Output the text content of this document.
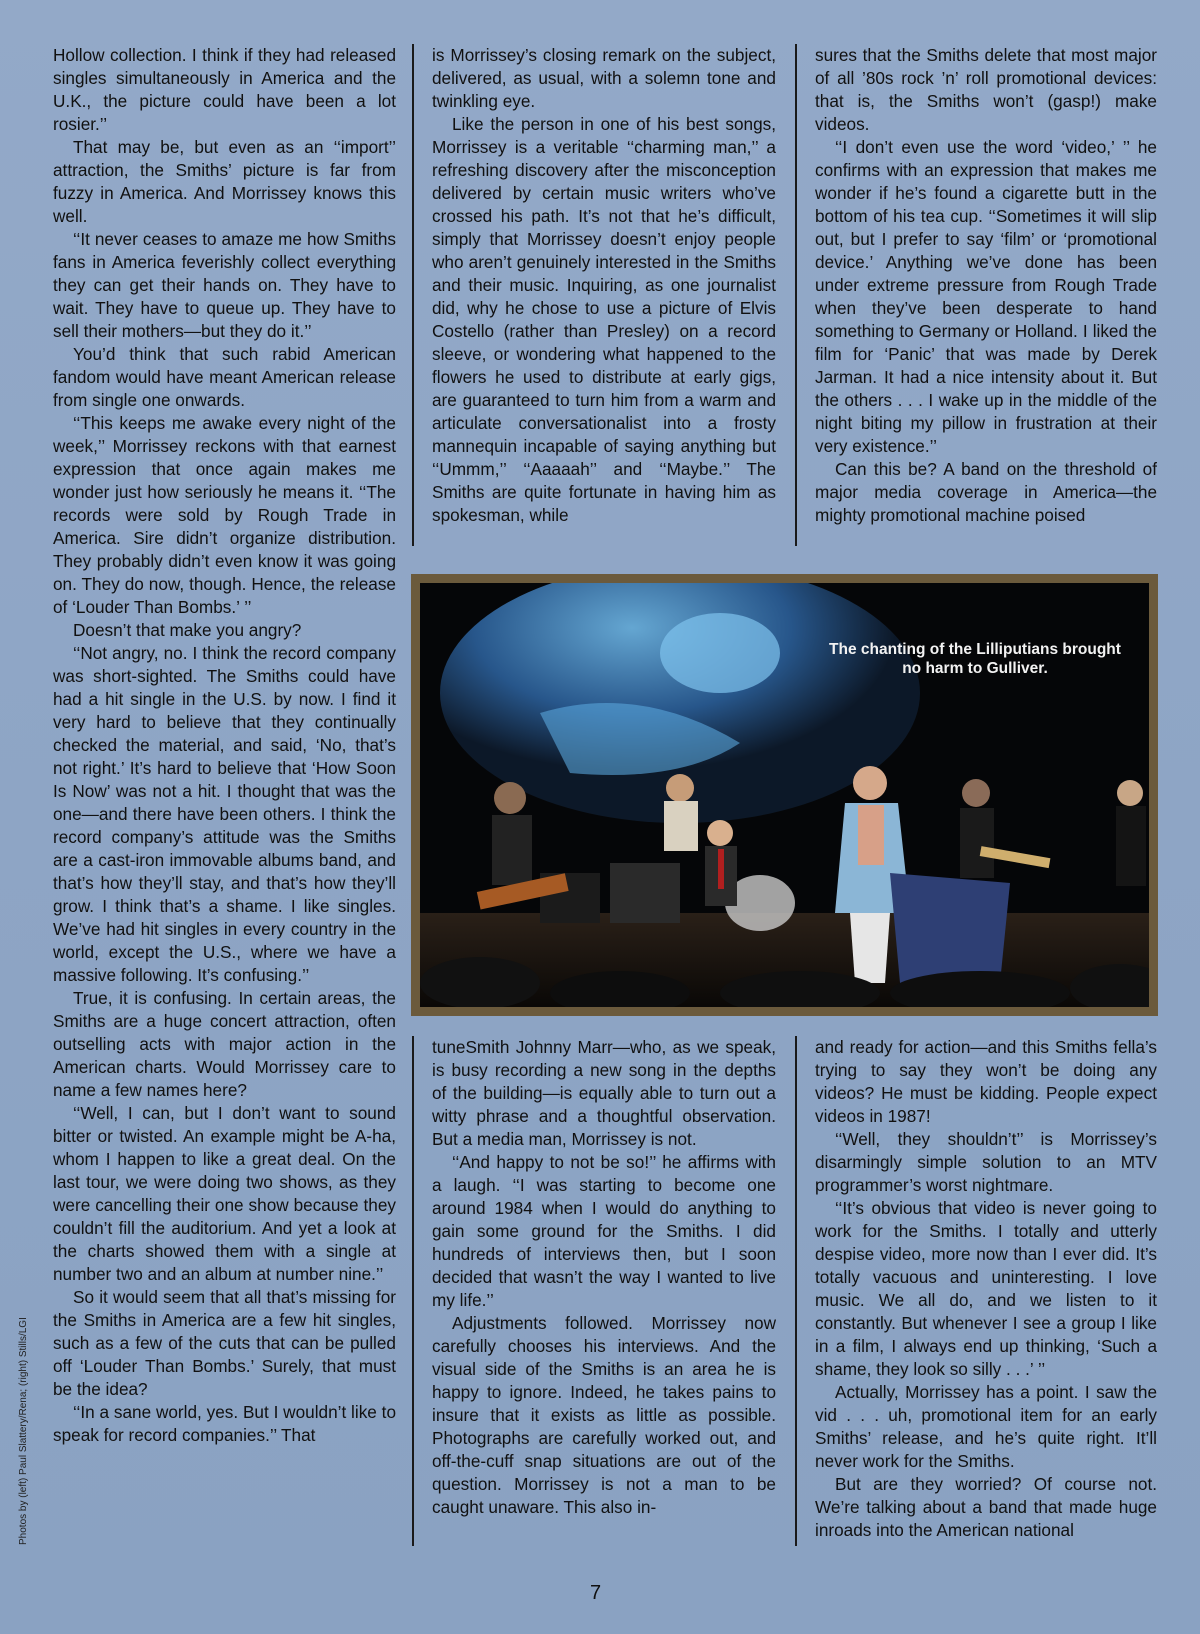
Hollow collection. I think if they had released singles simultaneously in America and the U.K., the picture could have been a lot rosier.’’

That may be, but even as an ‘‘import’’ attraction, the Smiths’ picture is far from fuzzy in America. And Morrissey knows this well.

‘‘It never ceases to amaze me how Smiths fans in America feverishly collect everything they can get their hands on. They have to wait. They have to queue up. They have to sell their mothers—but they do it.’’

You’d think that such rabid American fandom would have meant American release from single one onwards.

‘‘This keeps me awake every night of the week,’’ Morrissey reckons with that earnest expression that once again makes me wonder just how seriously he means it. ‘‘The records were sold by Rough Trade in America. Sire didn’t organize distribution. They probably didn’t even know it was going on. They do now, though. Hence, the release of ‘Louder Than Bombs.’ ’’

Doesn’t that make you angry?

‘‘Not angry, no. I think the record company was short-sighted. The Smiths could have had a hit single in the U.S. by now. I find it very hard to believe that they continually checked the material, and said, ‘No, that’s not right.’ It’s hard to believe that ‘How Soon Is Now’ was not a hit. I thought that was the one—and there have been others. I think the record company’s attitude was the Smiths are a cast-iron immovable albums band, and that’s how they’ll stay, and that’s how they’ll grow. I think that’s a shame. I like singles. We’ve had hit singles in every country in the world, except the U.S., where we have a massive following. It’s confusing.’’

True, it is confusing. In certain areas, the Smiths are a huge concert attraction, often outselling acts with major action in the American charts. Would Morrissey care to name a few names here?

‘‘Well, I can, but I don’t want to sound bitter or twisted. An example might be A-ha, whom I happen to like a great deal. On the last tour, we were doing two shows, as they were cancelling their one show because they couldn’t fill the auditorium. And yet a look at the charts showed them with a single at number two and an album at number nine.’’

So it would seem that all that’s missing for the Smiths in America are a few hit singles, such as a few of the cuts that can be pulled off ‘Louder Than Bombs.’ Surely, that must be the idea?

‘‘In a sane world, yes. But I wouldn’t like to speak for record companies.’’ That

is Morrissey’s closing remark on the subject, delivered, as usual, with a solemn tone and twinkling eye.

Like the person in one of his best songs, Morrissey is a veritable ‘‘charming man,’’ a refreshing discovery after the misconception delivered by certain music writers who’ve crossed his path. It’s not that he’s difficult, simply that Morrissey doesn’t enjoy people who aren’t genuinely interested in the Smiths and their music. Inquiring, as one journalist did, why he chose to use a picture of Elvis Costello (rather than Presley) on a record sleeve, or wondering what happened to the flowers he used to distribute at early gigs, are guaranteed to turn him from a warm and articulate conversationalist into a frosty mannequin incapable of saying anything but ‘‘Ummm,’’ ‘‘Aaaaah’’ and ‘‘Maybe.’’ The Smiths are quite fortunate in having him as spokesman, while

sures that the Smiths delete that most major of all ’80s rock ’n’ roll promotional devices: that is, the Smiths won’t (gasp!) make videos.

‘‘I don’t even use the word ‘video,’ ’’ he confirms with an expression that makes me wonder if he’s found a cigarette butt in the bottom of his tea cup. ‘‘Sometimes it will slip out, but I prefer to say ‘film’ or ‘promotional device.’ Anything we’ve done has been under extreme pressure from Rough Trade when they’ve been desperate to hand something to Germany or Holland. I liked the film for ‘Panic’ that was made by Derek Jarman. It had a nice intensity about it. But the others . . . I wake up in the middle of the night biting my pillow in frustration at their very existence.’’

Can this be? A band on the threshold of major media coverage in America—the mighty promotional machine poised

The chanting of the Lilliputians brought no harm to Gulliver.

tuneSmith Johnny Marr—who, as we speak, is busy recording a new song in the depths of the building—is equally able to turn out a witty phrase and a thoughtful observation. But a media man, Morrissey is not.

‘‘And happy to not be so!’’ he affirms with a laugh. ‘‘I was starting to become one around 1984 when I would do anything to gain some ground for the Smiths. I did hundreds of interviews then, but I soon decided that wasn’t the way I wanted to live my life.’’

Adjustments followed. Morrissey now carefully chooses his interviews. And the visual side of the Smiths is an area he is happy to ignore. Indeed, he takes pains to insure that it exists as little as possible. Photographs are carefully worked out, and off-the-cuff snap situations are out of the question. Morrissey is not a man to be caught unaware. This also in-

and ready for action—and this Smiths fella’s trying to say they won’t be doing any videos? He must be kidding. People expect videos in 1987!

‘‘Well, they shouldn’t’’ is Morrissey’s disarmingly simple solution to an MTV programmer’s worst nightmare.

‘‘It’s obvious that video is never going to work for the Smiths. I totally and utterly despise video, more now than I ever did. It’s totally vacuous and uninteresting. I love music. We all do, and we listen to it constantly. But whenever I see a group I like in a film, I always end up thinking, ‘Such a shame, they look so silly . . .’ ’’

Actually, Morrissey has a point. I saw the vid . . . uh, promotional item for an early Smiths’ release, and he’s quite right. It’ll never work for the Smiths.

But are they worried? Of course not. We’re talking about a band that made huge inroads into the American national

Photos by (left) Paul Slattery/Rena; (right) Stills/LGI
7
